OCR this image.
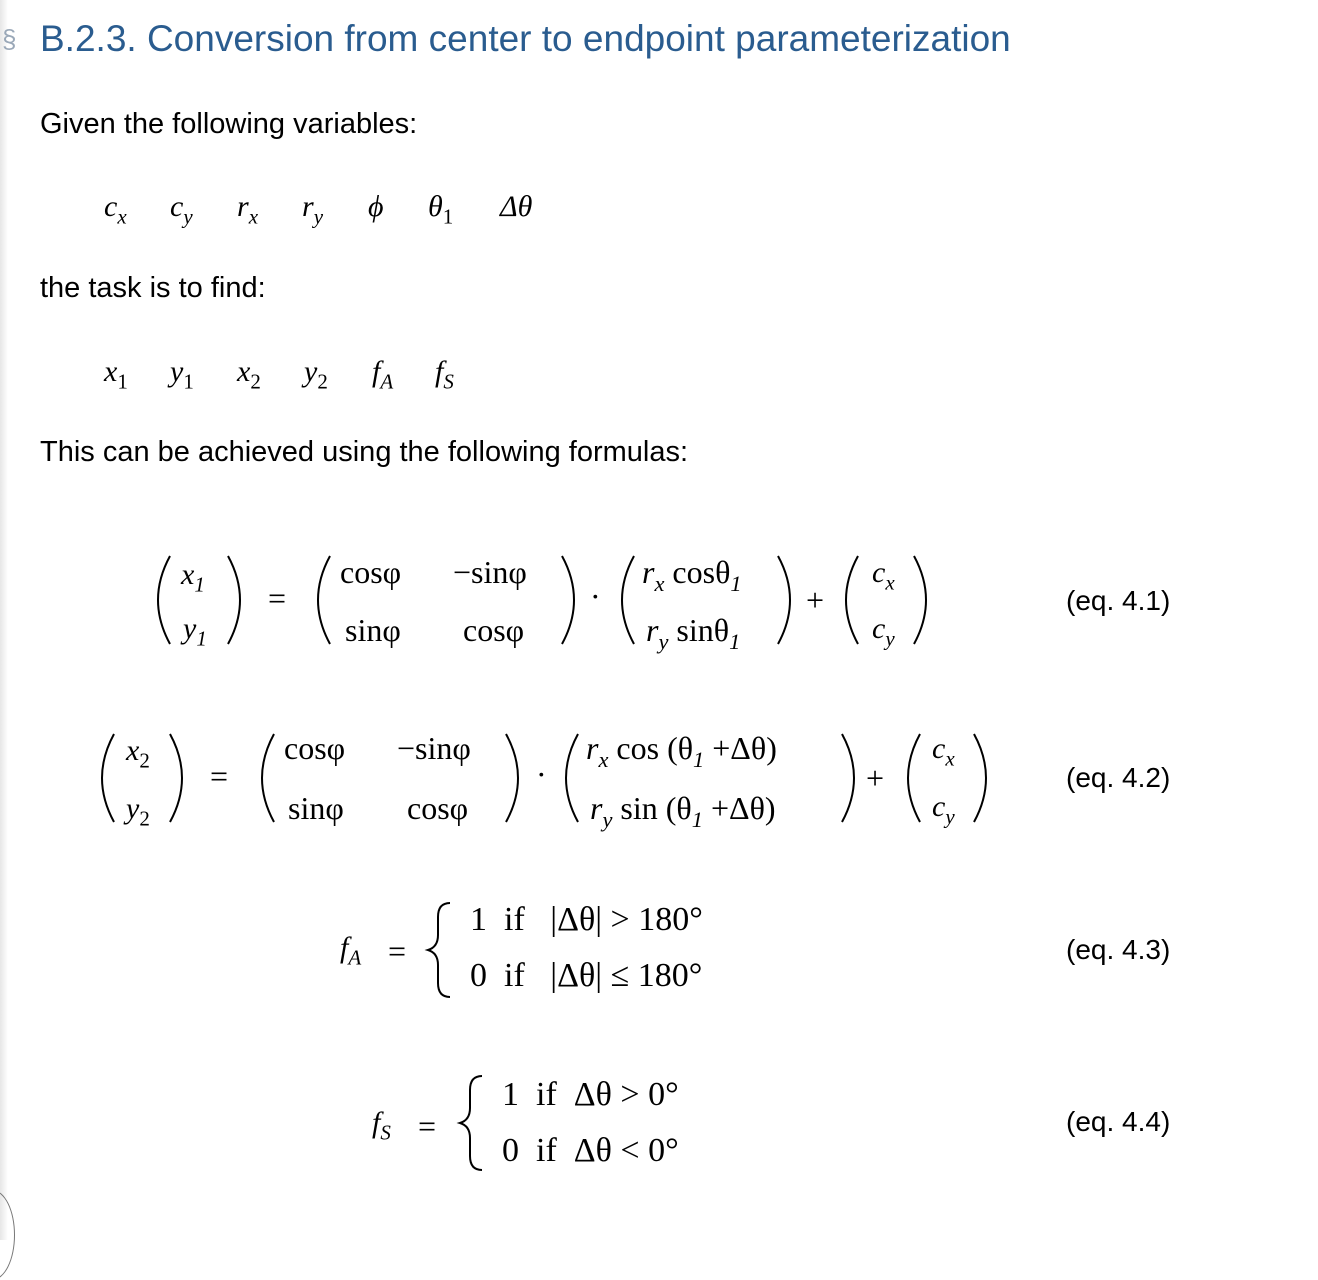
§ B.2.3. Conversion from center to endpoint parameterization

Given the following variables:

$c_x$ $c_y$ $r_x$ $r_y$ ϕ $\theta_1$ Δθ

the task is to find:

$x_1$ $y_1$ $x_2$ $y_2$ $f_A$ $f_S$

This can be achieved using the following formulas:

$x_1$
$y_1$
=
cosφ −sinφ
sinφ cosφ
·
$r_x$ cosθ$_1$
$r_y$ sinθ$_1$
+
$c_x$
$c_y$
(eq. 4.1)
$x_2$
$y_2$
=
cosφ −sinφ
sinφ cosφ
·
$r_x$ $\cos (\theta_1 +\Delta\theta)$
$r_y$ $\sin (\theta_1 +\Delta\theta)$
+
$c_x$
$c_y$
(eq. 4.2)
$f_A$ =
1  if   |Δθ| > 180°
0  if   |Δθ| ≤ 180°
(eq. 4.3)
$f_S$ =
1  if  Δθ > 0°
0  if  Δθ < 0°
(eq. 4.4)
